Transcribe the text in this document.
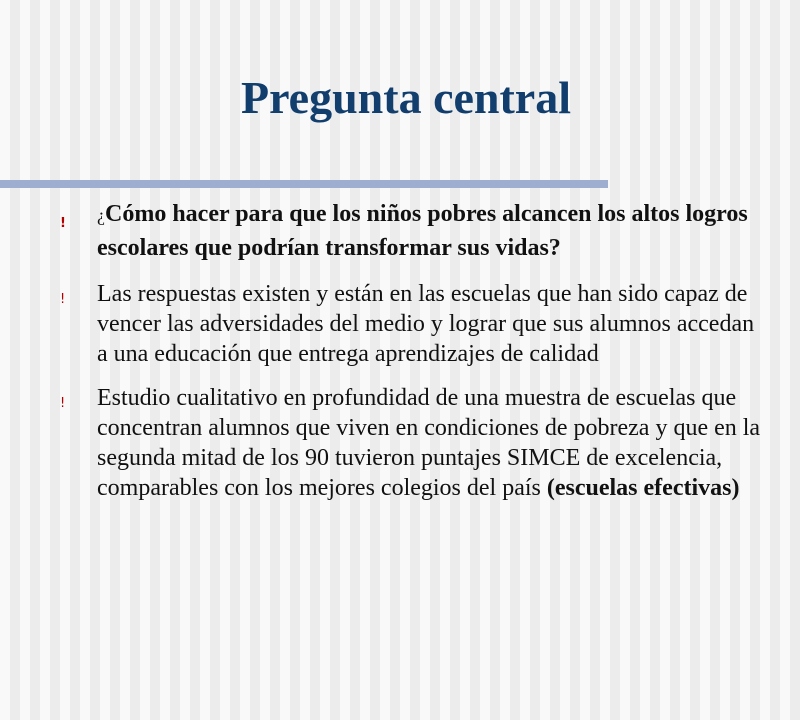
Pregunta central
!	¿Cómo hacer para que los niños pobres alcancen los altos logros escolares que podrían transformar sus vidas?
!	Las respuestas existen y están en las escuelas que han sido capaz de vencer las adversidades del medio y lograr que sus alumnos accedan a una educación que entrega aprendizajes de calidad
!	Estudio cualitativo en profundidad de una muestra de escuelas que concentran alumnos que viven en condiciones de pobreza y que en la segunda mitad de los 90 tuvieron puntajes SIMCE de excelencia, comparables con los mejores colegios del país (escuelas efectivas)
